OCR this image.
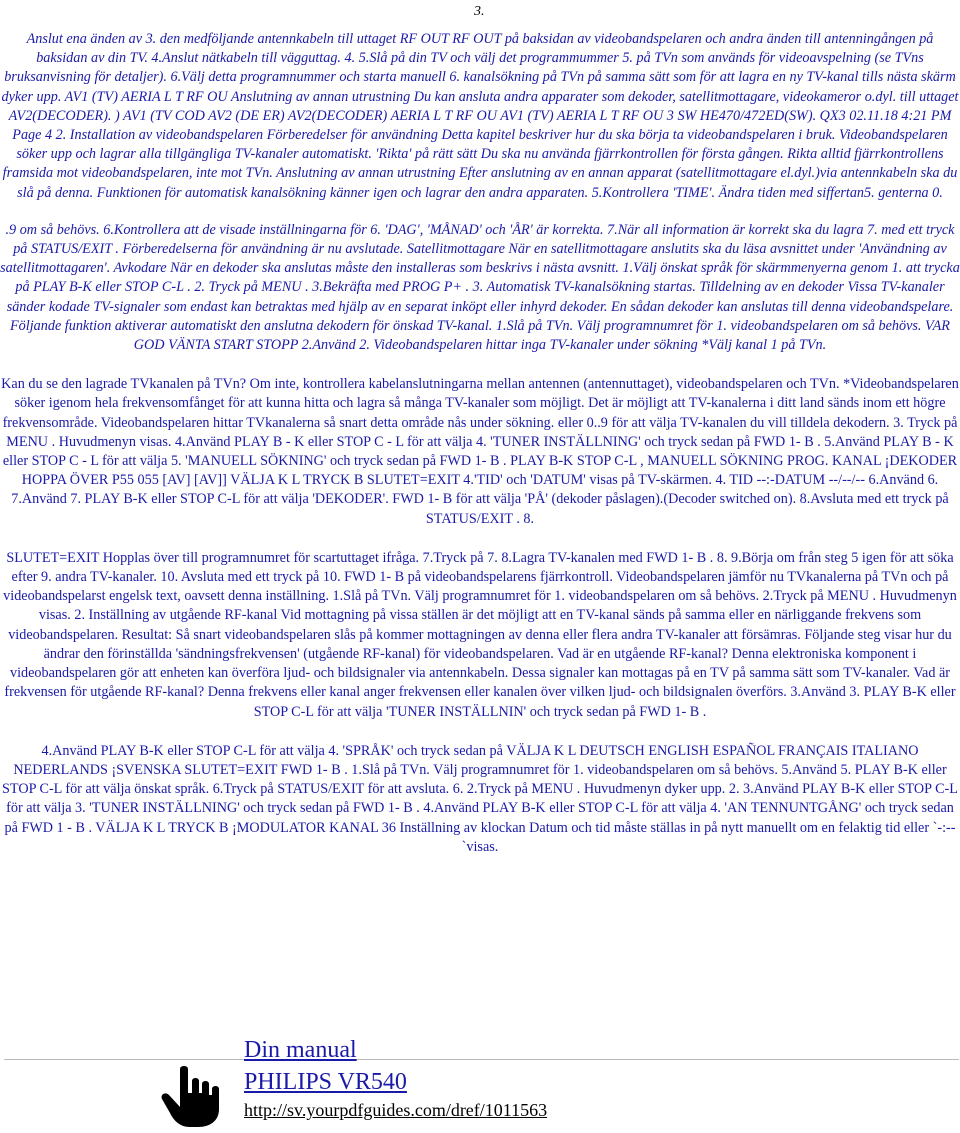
3.

Anslut ena änden av 3. den medföljande antennkabeln till uttaget RF OUT RF OUT på baksidan av videobandspelaren och andra änden till antenningången på baksidan av din TV. 4.Anslut nätkabeln till vägguttag. 4. 5.Slå på din TV och välj det programmummer 5. på TVn som används för videoavspelning (se TVns bruksanvisning för detaljer). 6.Välj detta programnummer och starta manuell 6. kanalsökning på TVn på samma sätt som för att lagra en ny TV-kanal tills nästa skärm dyker upp. AV1 (TV) AERIA L T RF OU Anslutning av annan utrustning Du kan ansluta andra apparater som dekoder, satellitmottagare, videokameror o.dyl. till uttaget AV2(DECODER). ) AV1 (TV COD AV2 (DE ER) AV2(DECODER) AERIA L T RF OU AV1 (TV) AERIA L T RF OU 3 SW HE470/472ED(SW). QX3 02.11.18 4:21 PM Page 4 2. Installation av videobandspelaren Förberedelser för användning Detta kapitel beskriver hur du ska börja ta videobandspelaren i bruk. Videobandspelaren söker upp och lagrar alla tillgängliga TV-kanaler automatiskt. 'Rikta' på rätt sätt Du ska nu använda fjärrkontrollen för första gången. Rikta alltid fjärrkontrollens framsida mot videobandspelaren, inte mot TVn. Anslutning av annan utrustning Efter anslutning av en annan apparat (satellitmottagare el.dyl.)via antennkabeln ska du slå på denna. Funktionen för automatisk kanalsökning känner igen och lagrar den andra apparaten. 5.Kontrollera 'TIME'. Ändra tiden med siffertan5. genterna 0.

.9 om så behövs. 6.Kontrollera att de visade inställningarna för 6. 'DAG', 'MÅNAD' och 'ÅR' är korrekta. 7.När all information är korrekt ska du lagra 7. med ett tryck på STATUS/EXIT . Förberedelserna för användning är nu avslutade. Satellitmottagare När en satellitmottagare anslutits ska du läsa avsnittet under 'Användning av satellitmottagaren'. Avkodare När en dekoder ska anslutas måste den installeras som beskrivs i nästa avsnitt. 1.Välj önskat språk för skärmmenyerna genom 1. att trycka på PLAY B-K eller STOP C-L . 2. Tryck på MENU . 3.Bekräfta med PROG P+ . 3. Automatisk TV-kanalsökning startas. Tilldelning av en dekoder Vissa TV-kanaler sänder kodade TV-signaler som endast kan betraktas med hjälp av en separat inköpt eller inhyrd dekoder. En sådan dekoder kan anslutas till denna videobandspelare. Följande funktion aktiverar automatiskt den anslutna dekodern för önskad TV-kanal. 1.Slå på TVn. Välj programnumret för 1. videobandspelaren om så behövs. VAR GOD VÄNTA START STOPP 2.Använd 2. Videobandspelaren hittar inga TV-kanaler under sökning *Välj kanal 1 på TVn.

Kan du se den lagrade TVkanalen på TVn? Om inte, kontrollera kabelanslutningarna mellan antennen (antennuttaget), videobandspelaren och TVn. *Videobandspelaren söker igenom hela frekvensomfånget för att kunna hitta och lagra så många TV-kanaler som möjligt. Det är möjligt att TV-kanalerna i ditt land sänds inom ett högre frekvensområde. Videobandspelaren hittar TVkanalerna så snart detta område nås under sökning. eller 0..9 för att välja TV-kanalen du vill tilldela dekodern. 3. Tryck på MENU . Huvudmenyn visas. 4.Använd PLAY B - K eller STOP C - L för att välja 4. 'TUNER INSTÄLLNING' och tryck sedan på FWD 1- B . 5.Använd PLAY B - K eller STOP C - L för att välja 5. 'MANUELL SÖKNING' och tryck sedan på FWD 1- B . PLAY B-K STOP C-L , MANUELL SÖKNING PROG. KANAL ¡DEKODER HOPPA ÖVER P55 055 [AV] [AV]] VÄLJA K L TRYCK B SLUTET=EXIT 4.'TID' och 'DATUM' visas på TV-skärmen. 4. TID --:-DATUM --/--/-- 6.Använd 6. 7.Använd 7. PLAY B-K eller STOP C-L för att välja 'DEKODER'. FWD 1- B för att välja 'PÅ' (dekoder påslagen).(Decoder switched on). 8.Avsluta med ett tryck på STATUS/EXIT . 8.

SLUTET=EXIT Hopplas över till programnumret för scartuttaget ifråga. 7.Tryck på 7. 8.Lagra TV-kanalen med FWD 1- B . 8. 9.Börja om från steg 5 igen för att söka efter 9. andra TV-kanaler. 10. Avsluta med ett tryck på 10. FWD 1- B på videobandspelarens fjärrkontroll. Videobandspelaren jämför nu TVkanalerna på TVn och på videobandspelarst engelsk text, oavsett denna inställning. 1.Slå på TVn. Välj programnumret för 1. videobandspelaren om så behövs. 2.Tryck på MENU . Huvudmenyn visas. 2. Inställning av utgående RF-kanal Vid mottagning på vissa ställen är det möjligt att en TV-kanal sänds på samma eller en närliggande frekvens som videobandspelaren. Resultat: Så snart videobandspelaren slås på kommer mottagningen av denna eller flera andra TV-kanaler att försämras. Följande steg visar hur du ändrar den förinställda 'sändningsfrekvensen' (utgående RF-kanal) för videobandspelaren. Vad är en utgående RF-kanal? Denna elektroniska komponent i videobandspelaren gör att enheten kan överföra ljud- och bildsignaler via antennkabeln. Dessa signaler kan mottagas på en TV på samma sätt som TV-kanaler. Vad är frekvensen för utgående RF-kanal? Denna frekvens eller kanal anger frekvensen eller kanalen över vilken ljud- och bildsignalen överförs. 3.Använd 3. PLAY B-K eller STOP C-L för att välja 'TUNER INSTÄLLNIN' och tryck sedan på FWD 1- B .

4.Använd PLAY B-K eller STOP C-L för att välja 4. 'SPRÅK' och tryck sedan på VÄLJA K L DEUTSCH ENGLISH ESPAÑOL FRANÇAIS ITALIANO NEDERLANDS ¡SVENSKA SLUTET=EXIT FWD 1- B . 1.Slå på TVn. Välj programnumret för 1. videobandspelaren om så behövs. 5.Använd 5. PLAY B-K eller STOP C-L för att välja önskat språk. 6.Tryck på STATUS/EXIT för att avsluta. 6. 2.Tryck på MENU . Huvudmenyn dyker upp. 2. 3.Använd PLAY B-K eller STOP C-L för att välja 3. 'TUNER INSTÄLLNING' och tryck sedan på FWD 1- B . 4.Använd PLAY B-K eller STOP C-L för att välja 4. 'AN TENNUNTGÅNG' och tryck sedan på FWD 1 - B . VÄLJA K L TRYCK B ¡MODULATOR KANAL 36 Inställning av klockan Datum och tid måste ställas in på nytt manuellt om en felaktig tid eller `-:-- `visas.

Din manual
PHILIPS VR540
http://sv.yourpdfguides.com/dref/1011563
